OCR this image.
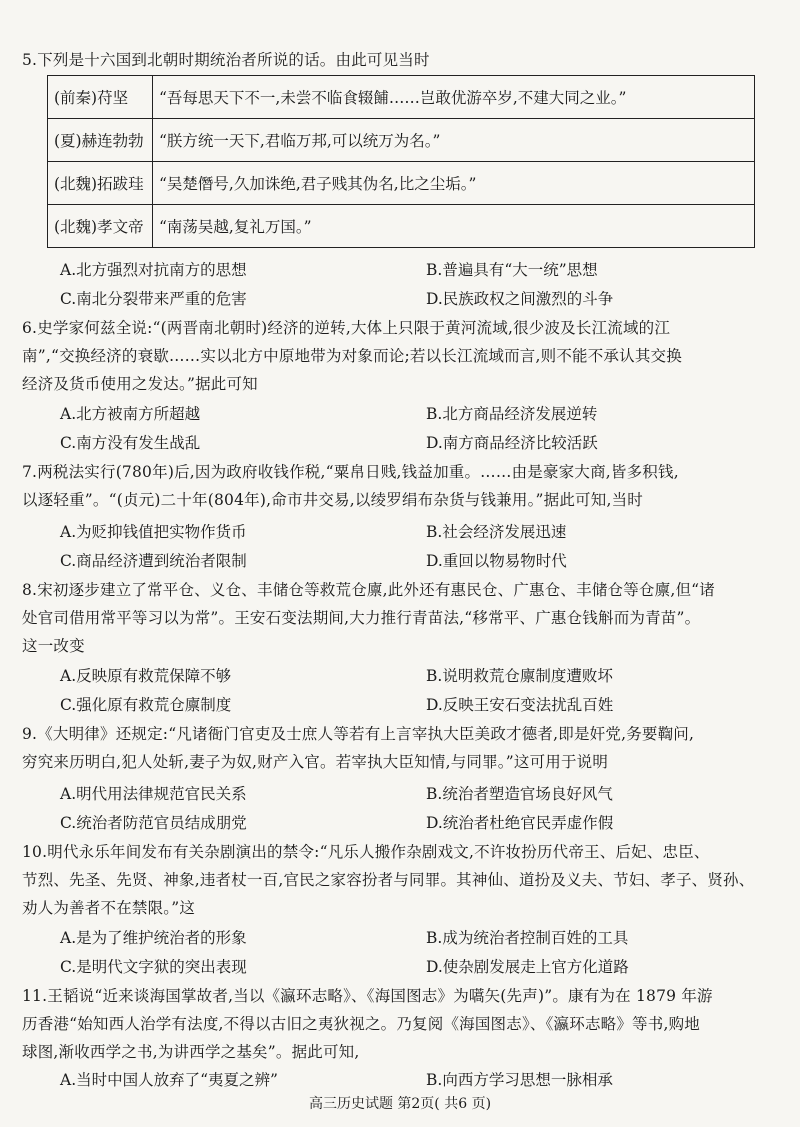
5.下列是十六国到北朝时期统治者所说的话。由此可见当时
(前秦)苻坚	“吾每思天下不一,未尝不临食辍餔……岂敢优游卒岁,不建大同之业。”
(夏)赫连勃勃	“朕方统一天下,君临万邦,可以统万为名。”
(北魏)拓跋珪	“吴楚僭号,久加诛绝,君子贱其伪名,比之尘垢。”
(北魏)孝文帝	“南荡吴越,复礼万国。”
A.北方强烈对抗南方的思想	B.普遍具有“大一统”思想
C.南北分裂带来严重的危害	D.民族政权之间激烈的斗争
6.史学家何兹全说:“(两晋南北朝时)经济的逆转,大体上只限于黄河流域,很少波及长江流域的江
南”,“交换经济的衰歇……实以北方中原地带为对象而论;若以长江流域而言,则不能不承认其交换
经济及货币使用之发达。”据此可知
A.北方被南方所超越	B.北方商品经济发展逆转
C.南方没有发生战乱	D.南方商品经济比较活跃
7.两税法实行(780年)后,因为政府收钱作税,“粟帛日贱,钱益加重。……由是豪家大商,皆多积钱,
以逐轻重”。“(贞元)二十年(804年),命市井交易,以绫罗绢布杂货与钱兼用。”据此可知,当时
A.为贬抑钱值把实物作货币	B.社会经济发展迅速
C.商品经济遭到统治者限制	D.重回以物易物时代
8.宋初逐步建立了常平仓、义仓、丰储仓等救荒仓廪,此外还有惠民仓、广惠仓、丰储仓等仓廪,但“诸
处官司借用常平等习以为常”。王安石变法期间,大力推行青苗法,“移常平、广惠仓钱斛而为青苗”。
这一改变
A.反映原有救荒保障不够	B.说明救荒仓廪制度遭败坏
C.强化原有救荒仓廪制度	D.反映王安石变法扰乱百姓
9.《大明律》还规定:“凡诸衙门官吏及士庶人等若有上言宰执大臣美政才德者,即是奸党,务要鞫问,
穷究来历明白,犯人处斩,妻子为奴,财产入官。若宰执大臣知情,与同罪。”这可用于说明
A.明代用法律规范官民关系	B.统治者塑造官场良好风气
C.统治者防范官员结成朋党	D.统治者杜绝官民弄虚作假
10.明代永乐年间发布有关杂剧演出的禁令:“凡乐人搬作杂剧戏文,不许妆扮历代帝王、后妃、忠臣、
节烈、先圣、先贤、神象,违者杖一百,官民之家容扮者与同罪。其神仙、道扮及义夫、节妇、孝子、贤孙、
劝人为善者不在禁限。”这
A.是为了维护统治者的形象	B.成为统治者控制百姓的工具
C.是明代文字狱的突出表现	D.使杂剧发展走上官方化道路
11.王韬说“近来谈海国掌故者,当以《瀛环志略》、《海国图志》为嚆矢(先声)”。康有为在 1879 年游
历香港“始知西人治学有法度,不得以古旧之夷狄视之。乃复阅《海国图志》、《瀛环志略》等书,购地
球图,渐收西学之书,为讲西学之基矣”。据此可知,
A.当时中国人放弃了“夷夏之辨”	B.向西方学习思想一脉相承
高三历史试题 第2页( 共6 页)
